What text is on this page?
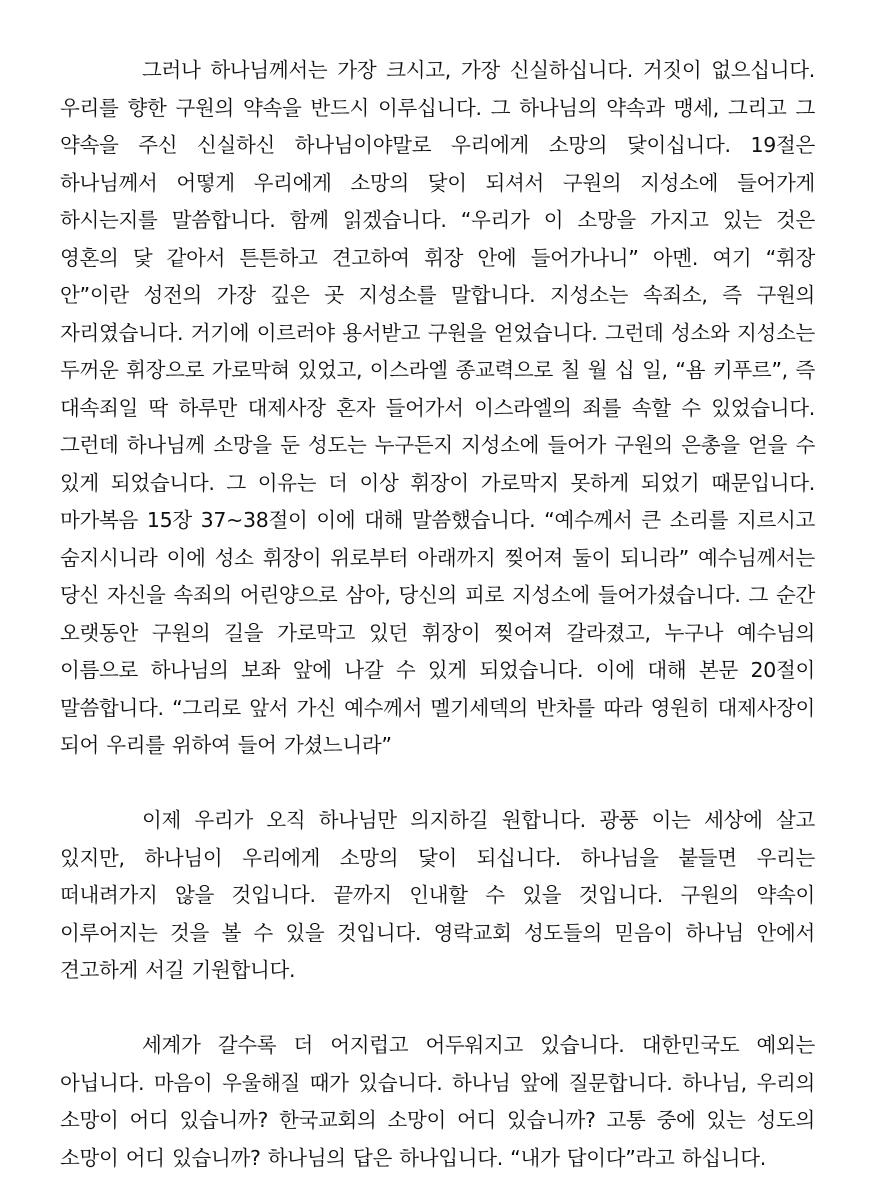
그러나 하나님께서는 가장 크시고, 가장 신실하십니다. 거짓이 없으십니다. 우리를 향한 구원의 약속을 반드시 이루십니다. 그 하나님의 약속과 맹세, 그리고 그 약속을 주신 신실하신 하나님이야말로 우리에게 소망의 닻이십니다. 19절은 하나님께서 어떻게 우리에게 소망의 닻이 되셔서 구원의 지성소에 들어가게 하시는지를 말씀합니다. 함께 읽겠습니다. “우리가 이 소망을 가지고 있는 것은 영혼의 닻 같아서 튼튼하고 견고하여 휘장 안에 들어가나니” 아멘. 여기 “휘장 안”이란 성전의 가장 깊은 곳 지성소를 말합니다. 지성소는 속죄소, 즉 구원의 자리였습니다. 거기에 이르러야 용서받고 구원을 얻었습니다. 그런데 성소와 지성소는 두꺼운 휘장으로 가로막혀 있었고, 이스라엘 종교력으로 칠 월 십 일, “욤 키푸르”, 즉 대속죄일 딱 하루만 대제사장 혼자 들어가서 이스라엘의 죄를 속할 수 있었습니다. 그런데 하나님께 소망을 둔 성도는 누구든지 지성소에 들어가 구원의 은총을 얻을 수 있게 되었습니다. 그 이유는 더 이상 휘장이 가로막지 못하게 되었기 때문입니다. 마가복음 15장 37~38절이 이에 대해 말씀했습니다. “예수께서 큰 소리를 지르시고 숨지시니라 이에 성소 휘장이 위로부터 아래까지 찢어져 둘이 되니라” 예수님께서는 당신 자신을 속죄의 어린양으로 삼아, 당신의 피로 지성소에 들어가셨습니다. 그 순간 오랫동안 구원의 길을 가로막고 있던 휘장이 찢어져 갈라졌고, 누구나 예수님의 이름으로 하나님의 보좌 앞에 나갈 수 있게 되었습니다. 이에 대해 본문 20절이 말씀합니다. “그리로 앞서 가신 예수께서 멜기세덱의 반차를 따라 영원히 대제사장이 되어 우리를 위하여 들어 가셨느니라”

이제 우리가 오직 하나님만 의지하길 원합니다. 광풍 이는 세상에 살고 있지만, 하나님이 우리에게 소망의 닻이 되십니다. 하나님을 붙들면 우리는 떠내려가지 않을 것입니다. 끝까지 인내할 수 있을 것입니다. 구원의 약속이 이루어지는 것을 볼 수 있을 것입니다. 영락교회 성도들의 믿음이 하나님 안에서 견고하게 서길 기원합니다.

세계가 갈수록 더 어지럽고 어두워지고 있습니다. 대한민국도 예외는 아닙니다. 마음이 우울해질 때가 있습니다. 하나님 앞에 질문합니다. 하나님, 우리의 소망이 어디 있습니까? 한국교회의 소망이 어디 있습니까? 고통 중에 있는 성도의 소망이 어디 있습니까? 하나님의 답은 하나입니다. “내가 답이다”라고 하십니다.
